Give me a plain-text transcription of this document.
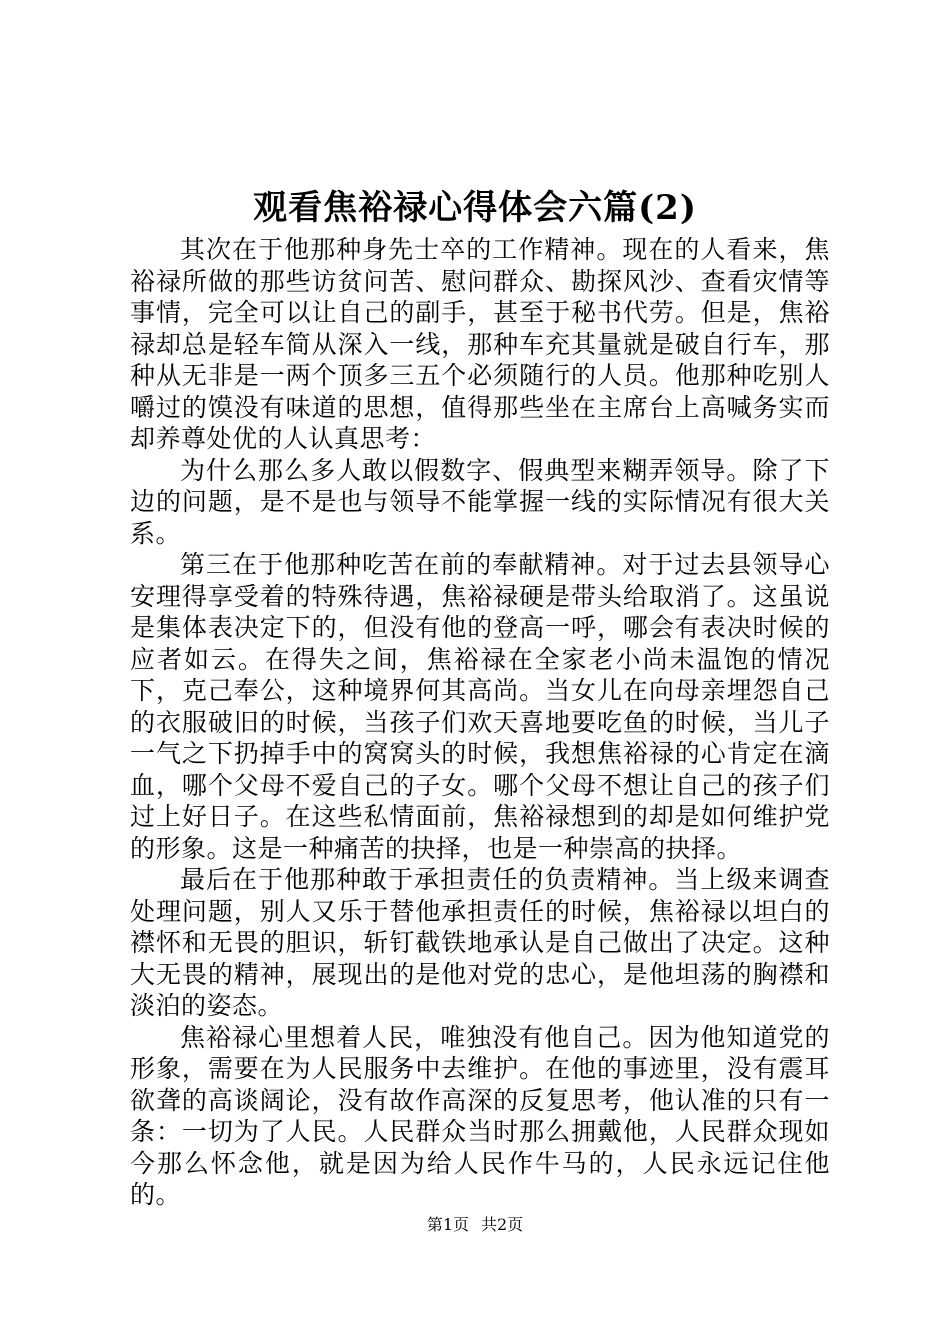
观看焦裕禄心得体会六篇(2)

其次在于他那种身先士卒的工作精神。现在的人看来，焦裕禄所做的那些访贫问苦、慰问群众、勘探风沙、查看灾情等事情，完全可以让自己的副手，甚至于秘书代劳。但是，焦裕禄却总是轻车简从深入一线，那种车充其量就是破自行车，那种从无非是一两个顶多三五个必须随行的人员。他那种吃别人嚼过的馍没有味道的思想，值得那些坐在主席台上高喊务实而却养尊处优的人认真思考：

为什么那么多人敢以假数字、假典型来糊弄领导。除了下边的问题，是不是也与领导不能掌握一线的实际情况有很大关系。

第三在于他那种吃苦在前的奉献精神。对于过去县领导心安理得享受着的特殊待遇，焦裕禄硬是带头给取消了。这虽说是集体表决定下的，但没有他的登高一呼，哪会有表决时候的应者如云。在得失之间，焦裕禄在全家老小尚未温饱的情况下，克己奉公，这种境界何其高尚。当女儿在向母亲埋怨自己的衣服破旧的时候，当孩子们欢天喜地要吃鱼的时候，当儿子一气之下扔掉手中的窝窝头的时候，我想焦裕禄的心肯定在滴血，哪个父母不爱自己的子女。哪个父母不想让自己的孩子们过上好日子。在这些私情面前，焦裕禄想到的却是如何维护党的形象。这是一种痛苦的抉择，也是一种崇高的抉择。

最后在于他那种敢于承担责任的负责精神。当上级来调查处理问题，别人又乐于替他承担责任的时候，焦裕禄以坦白的襟怀和无畏的胆识，斩钉截铁地承认是自己做出了决定。这种大无畏的精神，展现出的是他对党的忠心，是他坦荡的胸襟和淡泊的姿态。

焦裕禄心里想着人民，唯独没有他自己。因为他知道党的形象，需要在为人民服务中去维护。在他的事迹里，没有震耳欲聋的高谈阔论，没有故作高深的反复思考，他认准的只有一条：一切为了人民。人民群众当时那么拥戴他，人民群众现如今那么怀念他，就是因为给人民作牛马的，人民永远记住他的。

第1页 共2页
